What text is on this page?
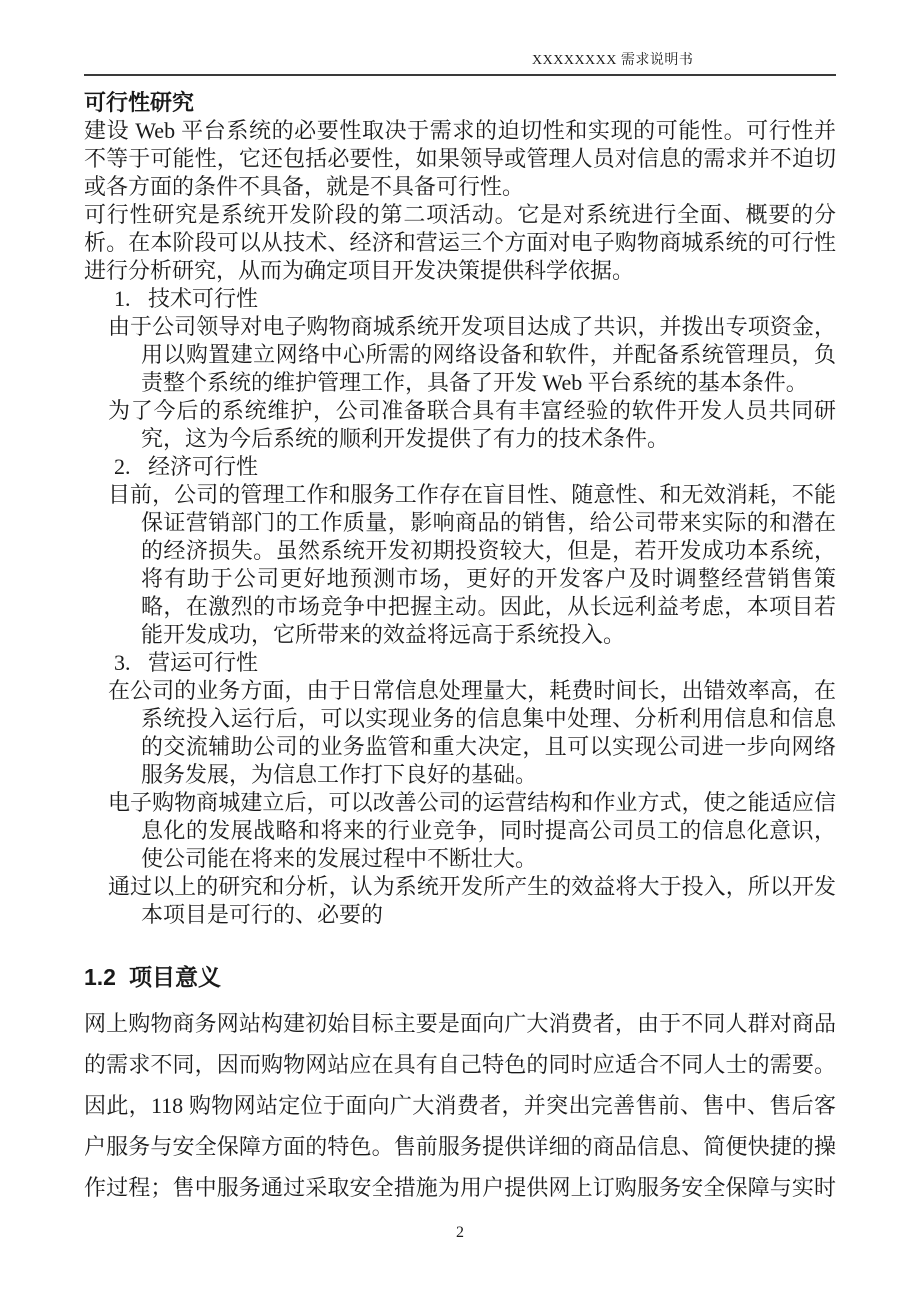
XXXXXXXX 需求说明书
可行性研究

建设 Web 平台系统的必要性取决于需求的迫切性和实现的可能性。可行性并不等于可能性，它还包括必要性，如果领导或管理人员对信息的需求并不迫切或各方面的条件不具备，就是不具备可行性。

可行性研究是系统开发阶段的第二项活动。它是对系统进行全面、概要的分析。在本阶段可以从技术、经济和营运三个方面对电子购物商城系统的可行性进行分析研究，从而为确定项目开发决策提供科学依据。

1. 技术可行性

由于公司领导对电子购物商城系统开发项目达成了共识，并拨出专项资金，用以购置建立网络中心所需的网络设备和软件，并配备系统管理员，负责整个系统的维护管理工作，具备了开发 Web 平台系统的基本条件。

为了今后的系统维护，公司准备联合具有丰富经验的软件开发人员共同研究，这为今后系统的顺利开发提供了有力的技术条件。

2. 经济可行性

目前，公司的管理工作和服务工作存在盲目性、随意性、和无效消耗，不能保证营销部门的工作质量，影响商品的销售，给公司带来实际的和潜在的经济损失。虽然系统开发初期投资较大，但是，若开发成功本系统，将有助于公司更好地预测市场，更好的开发客户及时调整经营销售策略，在激烈的市场竞争中把握主动。因此，从长远利益考虑，本项目若能开发成功，它所带来的效益将远高于系统投入。

3. 营运可行性

在公司的业务方面，由于日常信息处理量大，耗费时间长，出错效率高，在系统投入运行后，可以实现业务的信息集中处理、分析利用信息和信息的交流辅助公司的业务监管和重大决定，且可以实现公司进一步向网络服务发展，为信息工作打下良好的基础。

电子购物商城建立后，可以改善公司的运营结构和作业方式，使之能适应信息化的发展战略和将来的行业竞争，同时提高公司员工的信息化意识，使公司能在将来的发展过程中不断壮大。

通过以上的研究和分析，认为系统开发所产生的效益将大于投入，所以开发本项目是可行的、必要的

1.2 项目意义

网上购物商务网站构建初始目标主要是面向广大消费者，由于不同人群对商品的需求不同，因而购物网站应在具有自己特色的同时应适合不同人士的需要。因此，118 购物网站定位于面向广大消费者，并突出完善售前、售中、售后客户服务与安全保障方面的特色。售前服务提供详细的商品信息、简便快捷的操作过程；售中服务通过采取安全措施为用户提供网上订购服务安全保障与实时

2
